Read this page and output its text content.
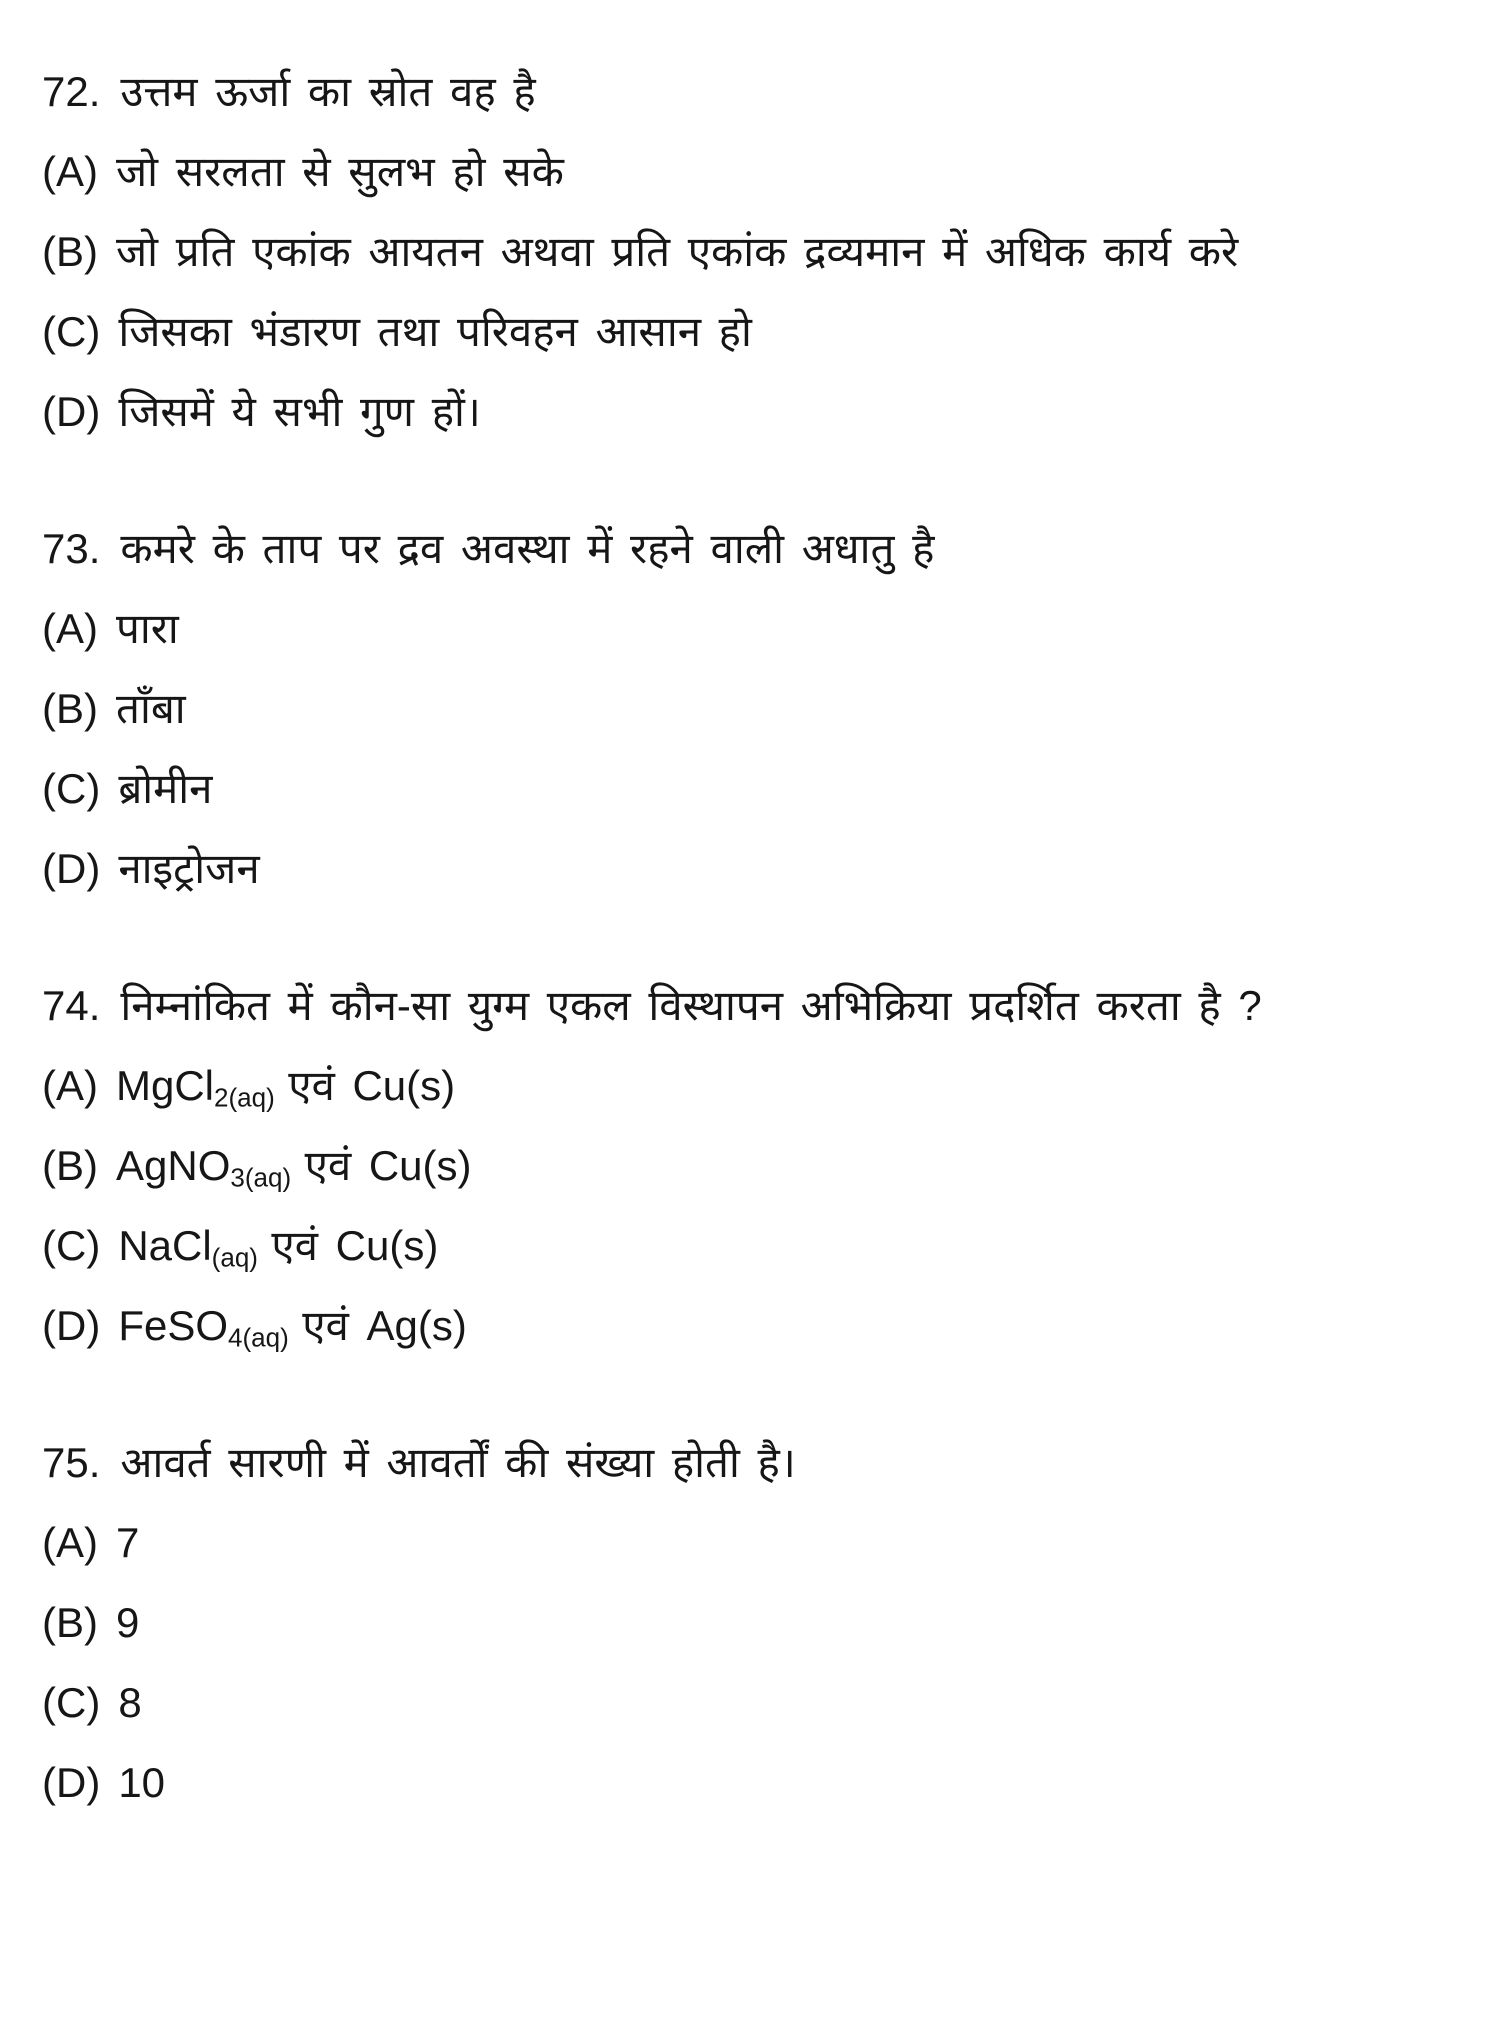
72. उत्तम ऊर्जा का स्रोत वह है
(A) जो सरलता से सुलभ हो सके
(B) जो प्रति एकांक आयतन अथवा प्रति एकांक द्रव्यमान में अधिक कार्य करे
(C) जिसका भंडारण तथा परिवहन आसान हो
(D) जिसमें ये सभी गुण हों।
73. कमरे के ताप पर द्रव अवस्था में रहने वाली अधातु है
(A) पारा
(B) ताँबा
(C) ब्रोमीन
(D) नाइट्रोजन
74. निम्नांकित में कौन-सा युग्म एकल विस्थापन अभिक्रिया प्रदर्शित करता है ?
(A) MgCl$_{2(aq)}$ एवं Cu(s)
(B) AgNO$_{3(aq)}$ एवं Cu(s)
(C) NaCl$_{(aq)}$ एवं Cu(s)
(D) FeSO$_{4(aq)}$ एवं Ag(s)
75. आवर्त सारणी में आवर्तों की संख्या होती है।
(A) 7
(B) 9
(C) 8
(D) 10
